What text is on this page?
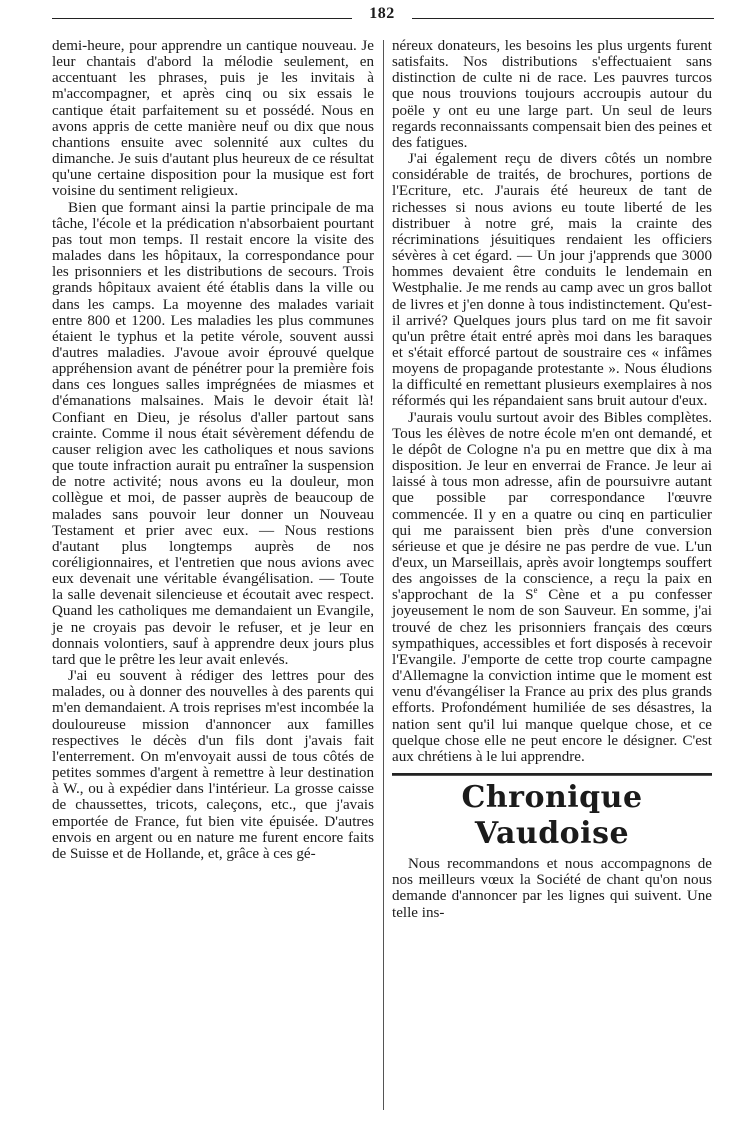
182

demi-heure, pour apprendre un cantique nouveau. Je leur chantais d'abord la mélodie seulement, en accentuant les phrases, puis je les invitais à m'accompagner, et après cinq ou six essais le cantique était parfaitement su et possédé. Nous en avons appris de cette manière neuf ou dix que nous chantions ensuite avec solennité aux cultes du dimanche. Je suis d'autant plus heureux de ce résultat qu'une certaine disposition pour la musique est fort voisine du sentiment religieux.

Bien que formant ainsi la partie principale de ma tâche, l'école et la prédication n'absorbaient pourtant pas tout mon temps. Il restait encore la visite des malades dans les hôpitaux, la correspondance pour les prisonniers et les distributions de secours. Trois grands hôpitaux avaient été établis dans la ville ou dans les camps. La moyenne des malades variait entre 800 et 1200. Les maladies les plus communes étaient le typhus et la petite vérole, souvent aussi d'autres maladies. J'avoue avoir éprouvé quelque appréhension avant de pénétrer pour la première fois dans ces longues salles imprégnées de miasmes et d'émanations malsaines. Mais le devoir était là! Confiant en Dieu, je résolus d'aller partout sans crainte. Comme il nous était sévèrement défendu de causer religion avec les catholiques et nous savions que toute infraction aurait pu entraîner la suspension de notre activité; nous avons eu la douleur, mon collègue et moi, de passer auprès de beaucoup de malades sans pouvoir leur donner un Nouveau Testament et prier avec eux. — Nous restions d'autant plus longtemps auprès de nos coréligionnaires, et l'entretien que nous avions avec eux devenait une véritable évangélisation. — Toute la salle devenait silencieuse et écoutait avec respect. Quand les catholiques me demandaient un Evangile, je ne croyais pas devoir le refuser, et je leur en donnais volontiers, sauf à apprendre deux jours plus tard que le prêtre les leur avait enlevés.

J'ai eu souvent à rédiger des lettres pour des malades, ou à donner des nouvelles à des parents qui m'en demandaient. A trois reprises m'est incombée la douloureuse mission d'annoncer aux familles respectives le décès d'un fils dont j'avais fait l'enterrement. On m'envoyait aussi de tous côtés de petites sommes d'argent à remettre à leur destination à W., ou à expédier dans l'intérieur. La grosse caisse de chaussettes, tricots, caleçons, etc., que j'avais emportée de France, fut bien vite épuisée. D'autres envois en argent ou en nature me furent encore faits de Suisse et de Hollande, et, grâce à ces gé-

néreux donateurs, les besoins les plus urgents furent satisfaits. Nos distributions s'effectuaient sans distinction de culte ni de race. Les pauvres turcos que nous trouvions toujours accroupis autour du poële y ont eu une large part. Un seul de leurs regards reconnaissants compensait bien des peines et des fatigues.

J'ai également reçu de divers côtés un nombre considérable de traités, de brochures, portions de l'Ecriture, etc. J'aurais été heureux de tant de richesses si nous avions eu toute liberté de les distribuer à notre gré, mais la crainte des récriminations jésuitiques rendaient les officiers sévères à cet égard. — Un jour j'apprends que 3000 hommes devaient être conduits le lendemain en Westphalie. Je me rends au camp avec un gros ballot de livres et j'en donne à tous indistinctement. Qu'est-il arrivé? Quelques jours plus tard on me fit savoir qu'un prêtre était entré après moi dans les baraques et s'était efforcé partout de soustraire ces « infâmes moyens de propagande protestante ». Nous éludions la difficulté en remettant plusieurs exemplaires à nos réformés qui les répandaient sans bruit autour d'eux.

J'aurais voulu surtout avoir des Bibles complètes. Tous les élèves de notre école m'en ont demandé, et le dépôt de Cologne n'a pu en mettre que dix à ma disposition. Je leur en enverrai de France. Je leur ai laissé à tous mon adresse, afin de poursuivre autant que possible par correspondance l'œuvre commencée. Il y en a quatre ou cinq en particulier qui me paraissent bien près d'une conversion sérieuse et que je désire ne pas perdre de vue. L'un d'eux, un Marseillais, après avoir longtemps souffert des angoisses de la conscience, a reçu la paix en s'approchant de la $S^e$ Cène et a pu confesser joyeusement le nom de son Sauveur. En somme, j'ai trouvé de chez les prisonniers français des cœurs sympathiques, accessibles et fort disposés à recevoir l'Evangile. J'emporte de cette trop courte campagne d'Allemagne la conviction intime que le moment est venu d'évangéliser la France au prix des plus grands efforts. Profondément humiliée de ses désastres, la nation sent qu'il lui manque quelque chose, et ce quelque chose elle ne peut encore le désigner. C'est aux chrétiens à le lui apprendre.

Chronique Vaudoise

Nous recommandons et nous accompagnons de nos meilleurs vœux la Société de chant qu'on nous demande d'annoncer par les lignes qui suivent. Une telle ins-
